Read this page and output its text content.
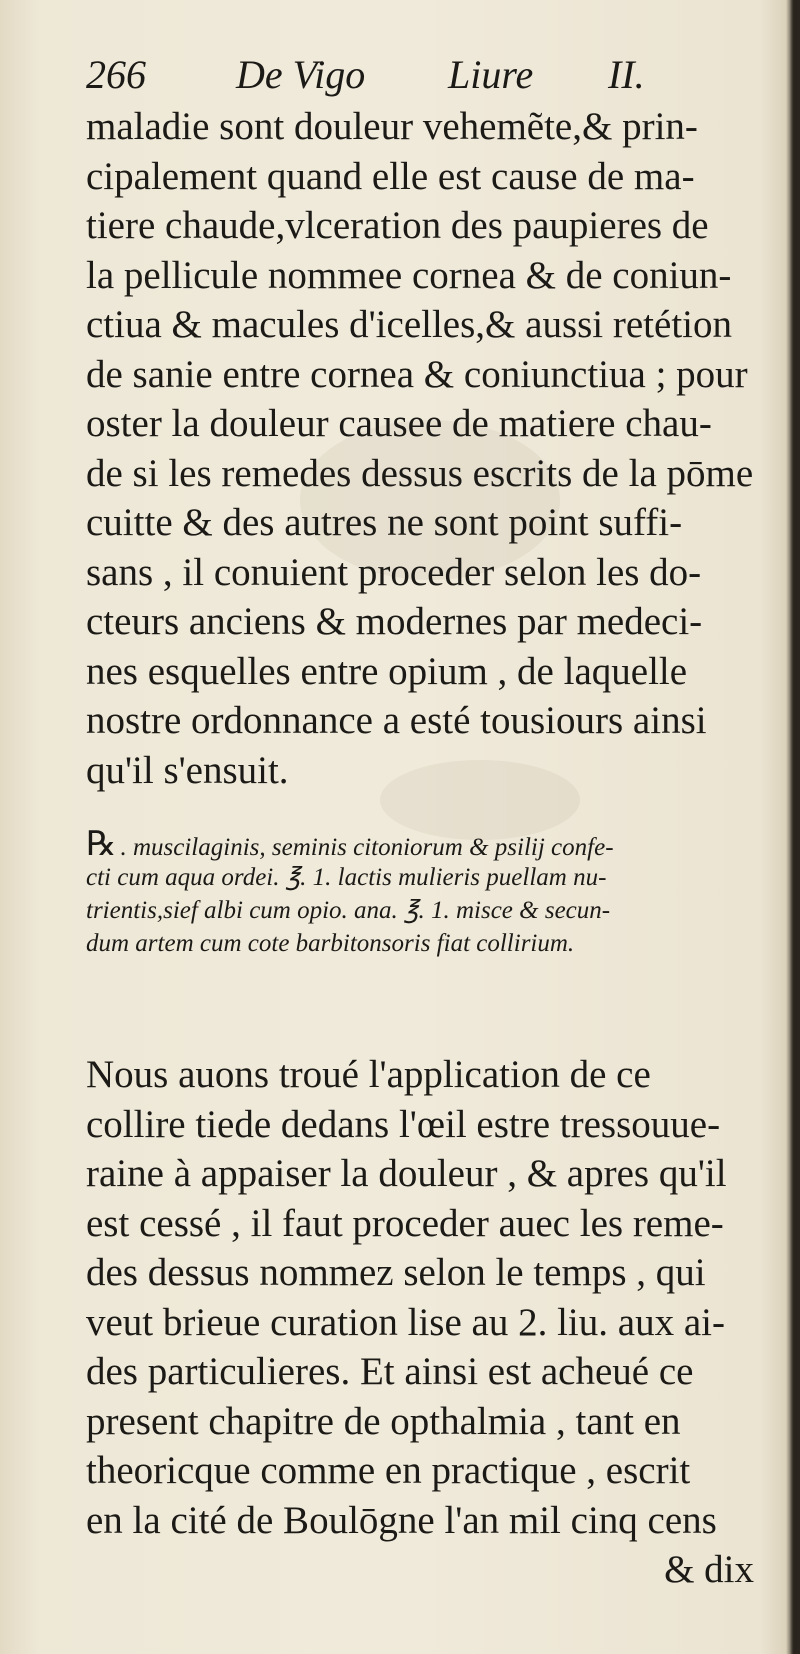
266 De Vigo Liure II.
maladie sont douleur vehemẽte,& prin-
cipalement quand elle est cause de ma-
tiere chaude,vlceration des paupieres de
la pellicule nommee cornea & de coniun-
ctiua & macules d'icelles,& aussi retétion
de sanie entre cornea & coniunctiua ; pour
oster la douleur causee de matiere chau-
de si les remedes dessus escrits de la pōme
cuitte & des autres ne sont point suffi-
sans , il conuient proceder selon les do-
cteurs anciens & modernes par medeci-
nes esquelles entre opium , de laquelle
nostre ordonnance a esté tousiours ainsi
qu'il s'ensuit.
℞ . muscilaginis, seminis citoniorum & psilij confe-
cti cum aqua ordei. ℥. 1. lactis mulieris puellam nu-
trientis,sief albi cum opio. ana. ℥. 1. misce & secun-
dum artem cum cote barbitonsoris fiat collirium.
Nous auons troué l'application de ce
collire tiede dedans l'œil estre tressouue-
raine à appaiser la douleur , & apres qu'il
est cessé , il faut proceder auec les reme-
des dessus nommez selon le temps , qui
veut brieue curation lise au 2. liu. aux ai-
des particulieres. Et ainsi est acheué ce
present chapitre de opthalmia , tant en
theoricque comme en practique , escrit
en la cité de Boulōgne l'an mil cinq cens
& dix
